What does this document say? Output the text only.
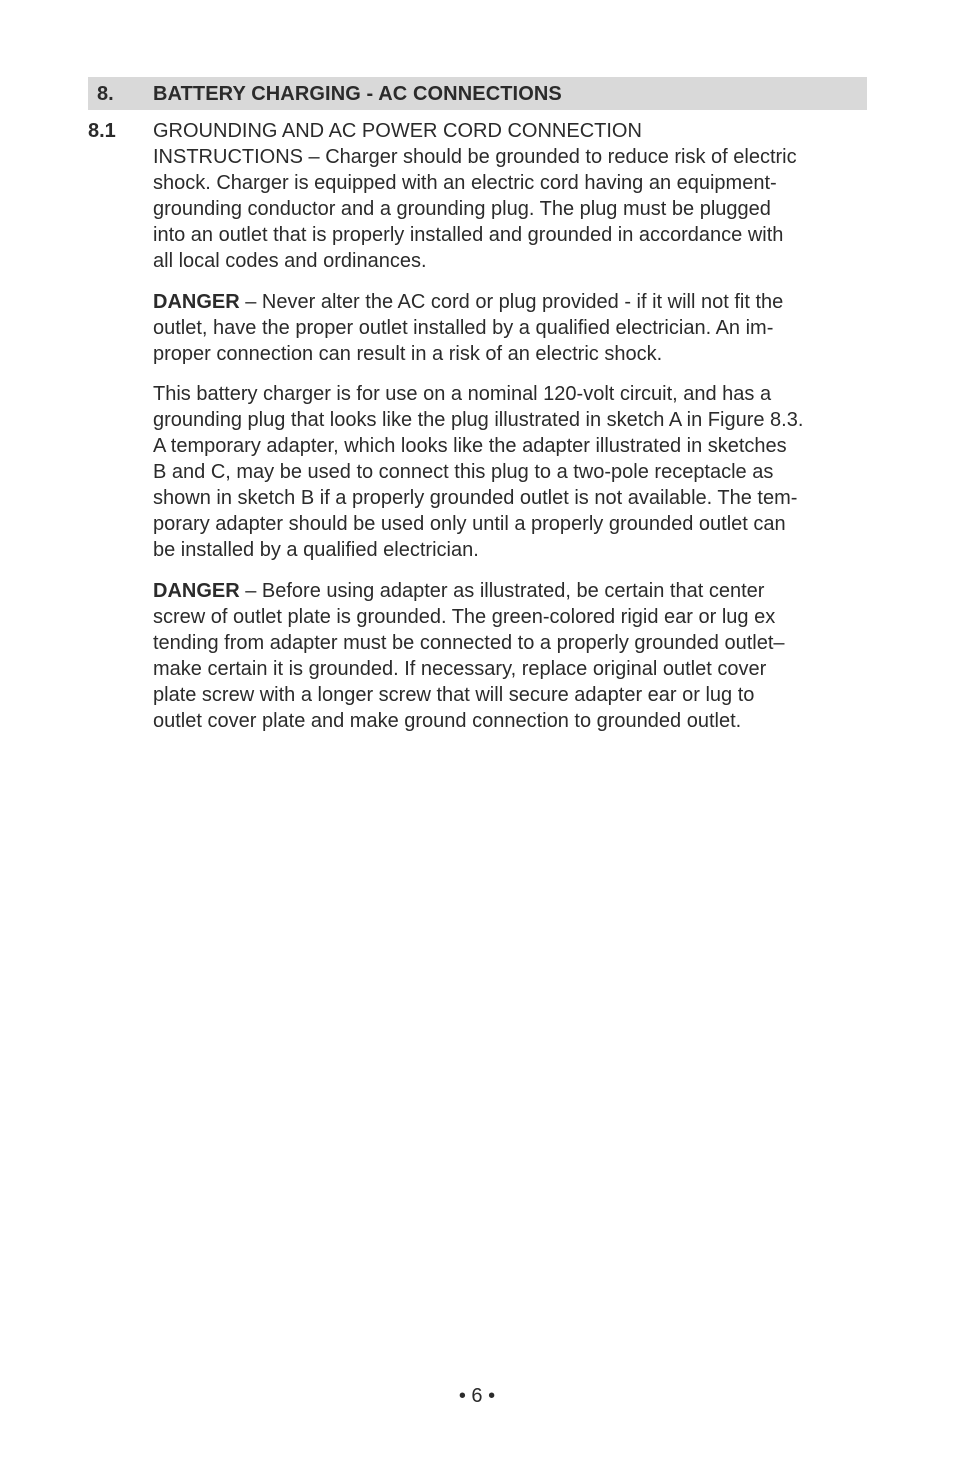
8. BATTERY CHARGING - AC CONNECTIONS
8.1 GROUNDING AND AC POWER CORD CONNECTION
INSTRUCTIONS – Charger should be grounded to reduce risk of electric
shock. Charger is equipped with an electric cord having an equipment-
grounding conductor and a grounding plug. The plug must be plugged
into an outlet that is properly installed and grounded in accordance with
all local codes and ordinances.

DANGER – Never alter the AC cord or plug provided - if it will not fit the
outlet, have the proper outlet installed by a qualified electrician. An im-
proper connection can result in a risk of an electric shock.

This battery charger is for use on a nominal 120-volt circuit, and has a
grounding plug that looks like the plug illustrated in sketch A in Figure 8.3.
A temporary adapter, which looks like the adapter illustrated in sketches
B and C, may be used to connect this plug to a two-pole receptacle as
shown in sketch B if a properly grounded outlet is not available. The tem-
porary adapter should be used only until a properly grounded outlet can
be installed by a qualified electrician.

DANGER – Before using adapter as illustrated, be certain that center
screw of outlet plate is grounded. The green-colored rigid ear or lug ex
tending from adapter must be connected to a properly grounded outlet–
make certain it is grounded. If necessary, replace original outlet cover
plate screw with a longer screw that will secure adapter ear or lug to
outlet cover plate and make ground connection to grounded outlet.

• 6 •
